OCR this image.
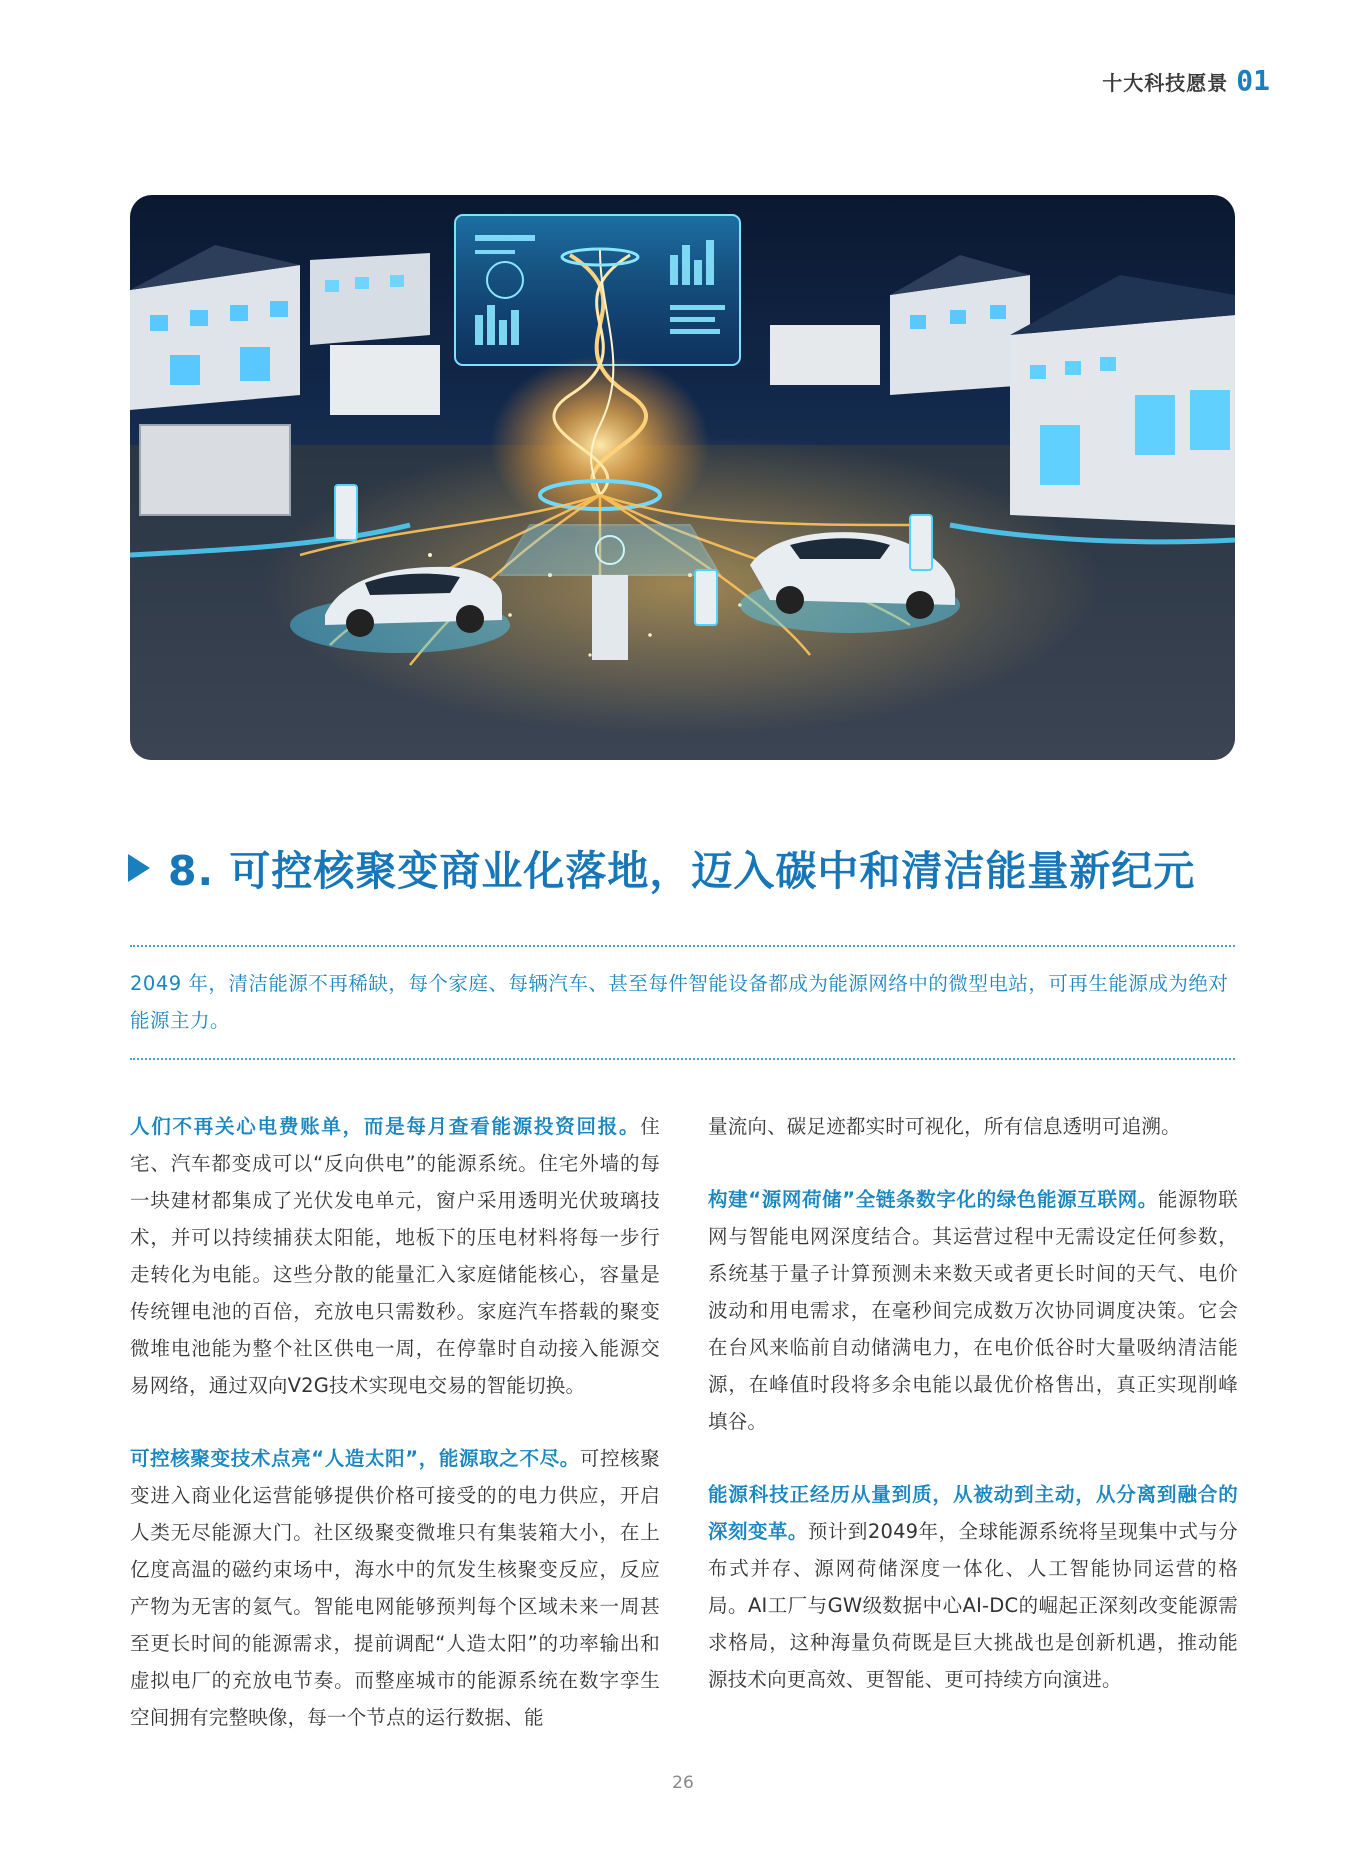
十大科技愿景 01
8. 可控核聚变商业化落地，迈入碳中和清洁能量新纪元
2049 年，清洁能源不再稀缺，每个家庭、每辆汽车、甚至每件智能设备都成为能源网络中的微型电站，可再生能源成为绝对能源主力。

人们不再关心电费账单，而是每月查看能源投资回报。住宅、汽车都变成可以“反向供电”的能源系统。住宅外墙的每一块建材都集成了光伏发电单元，窗户采用透明光伏玻璃技术，并可以持续捕获太阳能，地板下的压电材料将每一步行走转化为电能。这些分散的能量汇入家庭储能核心，容量是传统锂电池的百倍，充放电只需数秒。家庭汽车搭载的聚变微堆电池能为整个社区供电一周，在停靠时自动接入能源交易网络，通过双向V2G技术实现电交易的智能切换。

可控核聚变技术点亮“人造太阳”，能源取之不尽。可控核聚变进入商业化运营能够提供价格可接受的的电力供应，开启人类无尽能源大门。社区级聚变微堆只有集装箱大小，在上亿度高温的磁约束场中，海水中的氘发生核聚变反应，反应产物为无害的氦气。智能电网能够预判每个区域未来一周甚至更长时间的能源需求，提前调配“人造太阳”的功率输出和虚拟电厂的充放电节奏。而整座城市的能源系统在数字孪生空间拥有完整映像，每一个节点的运行数据、能

量流向、碳足迹都实时可视化，所有信息透明可追溯。

构建“源网荷储”全链条数字化的绿色能源互联网。能源物联网与智能电网深度结合。其运营过程中无需设定任何参数，系统基于量子计算预测未来数天或者更长时间的天气、电价波动和用电需求，在毫秒间完成数万次协同调度决策。它会在台风来临前自动储满电力，在电价低谷时大量吸纳清洁能源，在峰值时段将多余电能以最优价格售出，真正实现削峰填谷。

能源科技正经历从量到质，从被动到主动，从分离到融合的深刻变革。预计到2049年，全球能源系统将呈现集中式与分布式并存、源网荷储深度一体化、人工智能协同运营的格局。AI工厂与GW级数据中心AI-DC的崛起正深刻改变能源需求格局，这种海量负荷既是巨大挑战也是创新机遇，推动能源技术向更高效、更智能、更可持续方向演进。

26
